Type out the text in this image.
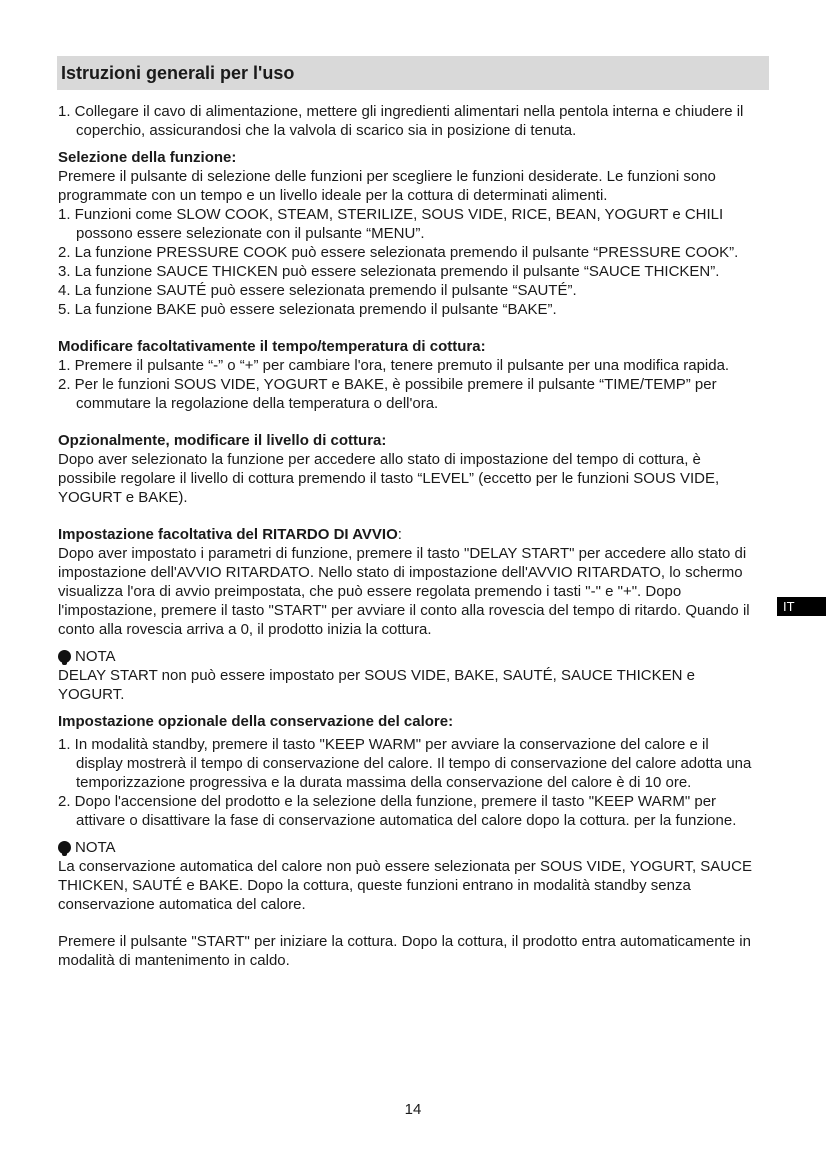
Istruzioni generali per l'uso

1. Collegare il cavo di alimentazione, mettere gli ingredienti alimentari nella pentola interna e chiudere il coperchio, assicurandosi che la valvola di scarico sia in posizione di tenuta.

Selezione della funzione:

Premere il pulsante di selezione delle funzioni per scegliere le funzioni desiderate. Le funzioni sono programmate con un tempo e un livello ideale per la cottura di determinati alimenti.

1. Funzioni come SLOW COOK, STEAM, STERILIZE, SOUS VIDE, RICE, BEAN, YOGURT e CHILI possono essere selezionate con il pulsante “MENU”.

2. La funzione PRESSURE COOK può essere selezionata premendo il pulsante “PRESSURE COOK”.

3. La funzione SAUCE THICKEN può essere selezionata premendo il pulsante “SAUCE THICKEN”.

4. La funzione SAUTÉ può essere selezionata premendo il pulsante “SAUTÉ”.

5. La funzione BAKE può essere selezionata premendo il pulsante “BAKE”.

Modificare facoltativamente il tempo/temperatura di cottura:

1. Premere il pulsante “-” o “+” per cambiare l'ora, tenere premuto il pulsante per una modifica rapida.

2. Per le funzioni SOUS VIDE, YOGURT e BAKE, è possibile premere il pulsante “TIME/TEMP” per commutare la regolazione della temperatura o dell'ora.

Opzionalmente, modificare il livello di cottura:

Dopo aver selezionato la funzione per accedere allo stato di impostazione del tempo di cottura, è possibile regolare il livello di cottura premendo il tasto “LEVEL” (eccetto per le funzioni SOUS VIDE, YOGURT e BAKE).

Impostazione facoltativa del RITARDO DI AVVIO:

Dopo aver impostato i parametri di funzione, premere il tasto "DELAY START" per accedere allo stato di impostazione dell'AVVIO RITARDATO. Nello stato di impostazione dell'AVVIO RITARDATO, lo schermo visualizza l'ora di avvio preimpostata, che può essere regolata premendo i tasti "-" e "+". Dopo l'impostazione, premere il tasto "START" per avviare il conto alla rovescia del tempo di ritardo. Quando il conto alla rovescia arriva a 0, il prodotto inizia la cottura.

NOTA

DELAY START non può essere impostato per SOUS VIDE, BAKE, SAUTÉ, SAUCE THICKEN e YOGURT.

Impostazione opzionale della conservazione del calore:

1. In modalità standby, premere il tasto "KEEP WARM" per avviare la conservazione del calore e il display mostrerà il tempo di conservazione del calore. Il tempo di conservazione del calore adotta una temporizzazione progressiva e la durata massima della conservazione del calore è di 10 ore.

2. Dopo l'accensione del prodotto e la selezione della funzione, premere il tasto "KEEP WARM" per attivare o disattivare la fase di conservazione automatica del calore dopo la cottura. per la funzione.

NOTA

La conservazione automatica del calore non può essere selezionata per SOUS VIDE, YOGURT, SAUCE THICKEN, SAUTÉ e BAKE. Dopo la cottura, queste funzioni entrano in modalità standby senza conservazione automatica del calore.

Premere il pulsante "START" per iniziare la cottura. Dopo la cottura, il prodotto entra automaticamente in modalità di mantenimento in caldo.

IT
14
